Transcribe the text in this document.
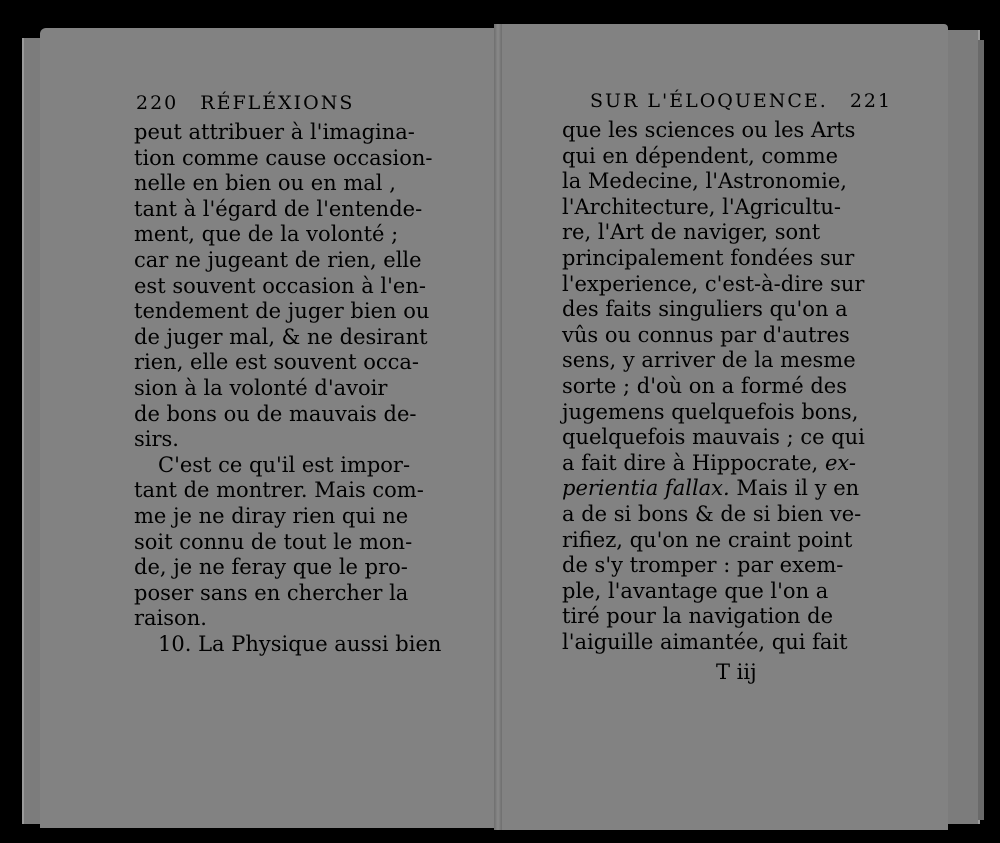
220 RÉFLÉXIONS
peut attribuer à l'imagina-
tion comme cause occasion-
nelle en bien ou en mal ,
tant à l'égard de l'entende-
ment, que de la volonté ;
car ne jugeant de rien, elle
est souvent occasion à l'en-
tendement de juger bien ou
de juger mal, & ne desirant
rien, elle est souvent occa-
sion à la volonté d'avoir
de bons ou de mauvais de-
sirs.
C'est ce qu'il est impor-
tant de montrer. Mais com-
me je ne diray rien qui ne
soit connu de tout le mon-
de, je ne feray que le pro-
poser sans en chercher la
raison.
10. La Physique aussi bien
SUR L'ÉLOQUENCE. 221
que les sciences ou les Arts
qui en dépendent, comme
la Medecine, l'Astronomie,
l'Architecture, l'Agricultu-
re, l'Art de naviger, sont
principalement fondées sur
l'experience, c'est-à-dire sur
des faits singuliers qu'on a
vûs ou connus par d'autres
sens, y arriver de la mesme
sorte ; d'où on a formé des
jugemens quelquefois bons,
quelquefois mauvais ; ce qui
a fait dire à Hippocrate, ex-
perientia fallax. Mais il y en
a de si bons & de si bien ve-
rifiez, qu'on ne craint point
de s'y tromper : par exem-
ple, l'avantage que l'on a
tiré pour la navigation de
l'aiguille aimantée, qui fait
T iij
